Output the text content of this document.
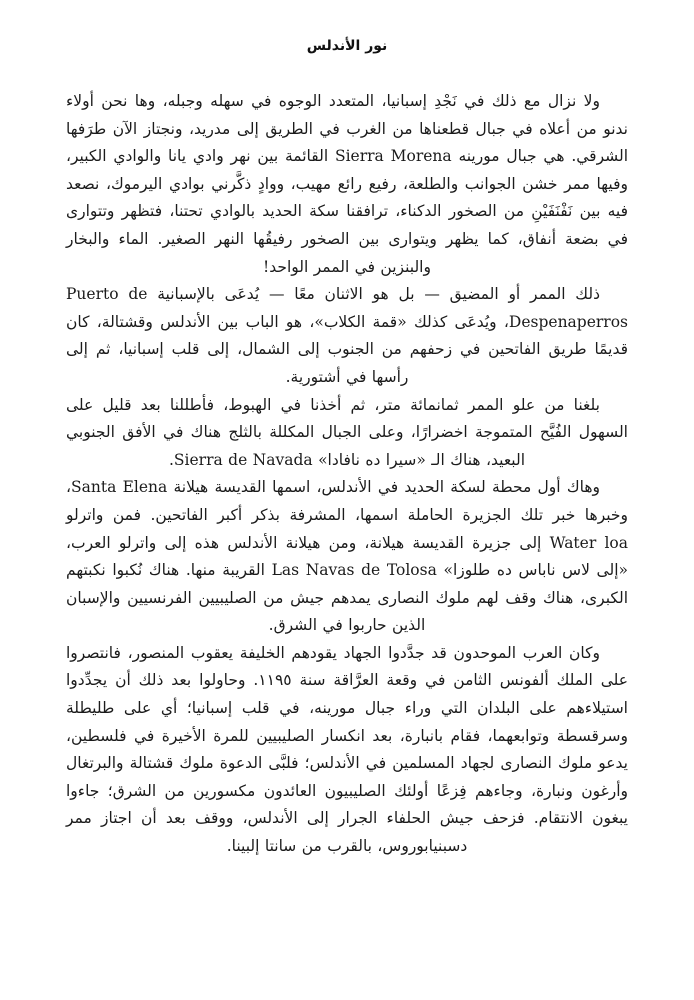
نور الأندلس

ولا نزال مع ذلك في نَجْدِ إسبانيا، المتعدد الوجوه في سهله وجبله، وها نحن أولاء ندنو من أعلاه في جبال قطعناها من الغرب في الطريق إلى مدريد، ونجتاز الآن طرَفها الشرقي. هي جبال مورينه Sierra Morena القائمة بين نهر وادي يانا والوادي الكبير، وفيها ممر خشن الجوانب والطلعة، رفيع رائع مهيب، ووادٍ ذكَّرني بوادي اليرموك، نصعد فيه بين نَفْنَفَيْنِ من الصخور الدكناء، ترافقنا سكة الحديد بالوادي تحتنا، فتظهر وتتوارى في بضعة أنفاق، كما يظهر ويتوارى بين الصخور رفيقُها النهر الصغير. الماء والبخار والبنزين في الممر الواحد!

ذلك الممر أو المضيق — بل هو الاثنان معًا — يُدعَى بالإسبانية Puerto de Despenaperros، ويُدعَى كذلك «قمة الكلاب»، هو الباب بين الأندلس وقشتالة، كان قديمًا طريق الفاتحين في زحفهم من الجنوب إلى الشمال، إلى قلب إسبانيا، ثم إلى رأسها في أشتورية.

بلغنا من علو الممر ثمانمائة متر، ثم أخذنا في الهبوط، فأطللنا بعد قليل على السهول الفُيَّح المتموجة اخضرارًا، وعلى الجبال المكللة بالثلج هناك في الأفق الجنوبي البعيد، هناك الـ «سيرا ده نافادا» Sierra de Navada.

وهاك أول محطة لسكة الحديد في الأندلس، اسمها القديسة هيلانة Santa Elena، وخبرها خبر تلك الجزيرة الحاملة اسمها، المشرفة بذكر أكبر الفاتحين. فمن واترلو Water loa إلى جزيرة القديسة هيلانة، ومن هيلانة الأندلس هذه إلى واترلو العرب، «إلى لاس ناباس ده طلوزا» Las Navas de Tolosa القريبة منها. هناك نُكبوا نكبتهم الكبرى، هناك وقف لهم ملوك النصارى يمدهم جيش من الصليبيين الفرنسيين والإسبان الذين حاربوا في الشرق.

وكان العرب الموحدون قد جدَّدوا الجهاد يقودهم الخليفة يعقوب المنصور، فانتصروا على الملك ألفونس الثامن في وقعة العرَّاقة سنة ١١٩٥. وحاولوا بعد ذلك أن يجدِّدوا استيلاءهم على البلدان التي وراء جبال مورينه، في قلب إسبانيا؛ أي على طليطلة وسرقسطة وتوابعهما، فقام بانبارة، بعد انكسار الصليبيين للمرة الأخيرة في فلسطين، يدعو ملوك النصارى لجهاد المسلمين في الأندلس؛ فلبَّى الدعوة ملوك قشتالة والبرتغال وأرغون ونبارة، وجاءهم فِزعًا أولئك الصليبيون العائدون مكسورين من الشرق؛ جاءوا يبغون الانتقام. فزحف جيش الحلفاء الجرار إلى الأندلس، ووقف بعد أن اجتاز ممر دسبنيابوروس، بالقرب من سانتا إلبينا.
